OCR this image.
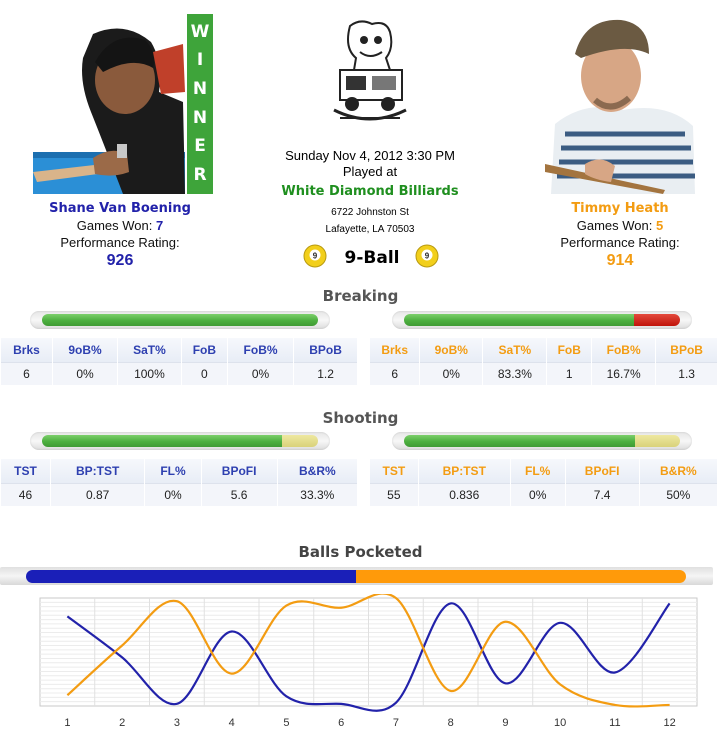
W
I
N
N
E
R
Shane Van Boening
Games Won: 7
Performance Rating:
926
Sunday Nov 4, 2012 3:30 PM
Played at
White Diamond Billiards
6722 Johnston St
Lafayette, LA 70503
9	9-Ball	9
Timmy Heath
Games Won: 5
Performance Rating:
914
Breaking
Brks	9oB%	SaT%	FoB	FoB%	BPoB
6	0%	100%	0	0%	1.2
Brks	9oB%	SaT%	FoB	FoB%	BPoB
6	0%	83.3%	1	16.7%	1.3
Shooting
TST	BP:TST	FL%	BPoFI	B&R%
46	0.87	0%	5.6	33.3%
TST	BP:TST	FL%	BPoFI	B&R%
55	0.836	0%	7.4	50%
Balls Pocketed
1	2	3	4	5	6	7	8	9	10	11	12
